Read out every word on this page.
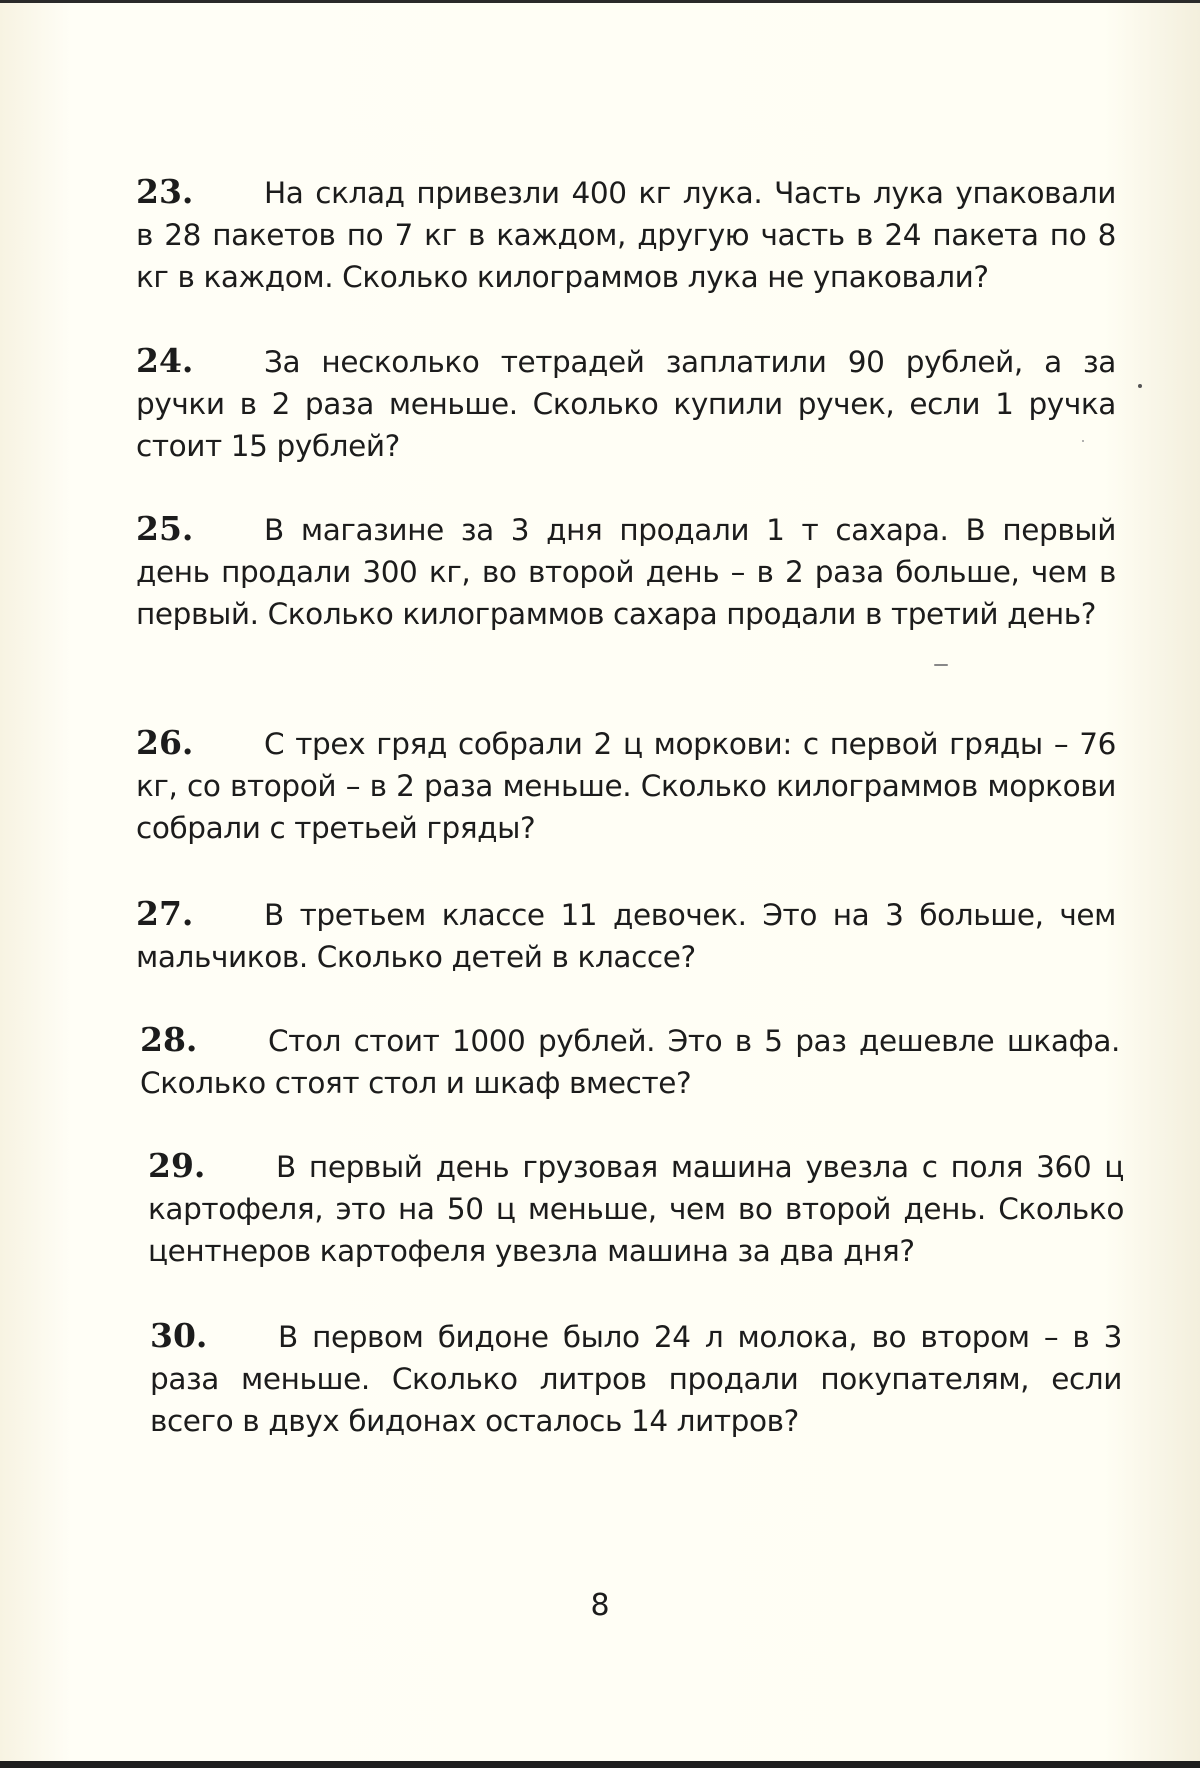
23. На склад привезли 400 кг лука. Часть лука упаковали в 28 пакетов по 7 кг в каждом, другую часть в 24 пакета по 8 кг в каждом. Сколько килограммов лука не упаковали?
24. За несколько тетрадей заплатили 90 рублей, а за ручки в 2 раза меньше. Сколько купили ручек, если 1 ручка стоит 15 рублей?
25. В магазине за 3 дня продали 1 т сахара. В первый день продали 300 кг, во второй день – в 2 раза больше, чем в первый. Сколько килограммов сахара продали в третий день?
26. С трех гряд собрали 2 ц моркови: с первой гряды – 76 кг, со второй – в 2 раза меньше. Сколько килограммов моркови собрали с третьей гряды?
27. В третьем классе 11 девочек. Это на 3 больше, чем мальчиков. Сколько детей в классе?
28. Стол стоит 1000 рублей. Это в 5 раз дешевле шкафа. Сколько стоят стол и шкаф вместе?
29. В первый день грузовая машина увезла с поля 360 ц картофеля, это на 50 ц меньше, чем во второй день. Сколько центнеров картофеля увезла машина за два дня?
30. В первом бидоне было 24 л молока, во втором – в 3 раза меньше. Сколько литров продали покупателям, если всего в двух бидонах осталось 14 литров?
8
